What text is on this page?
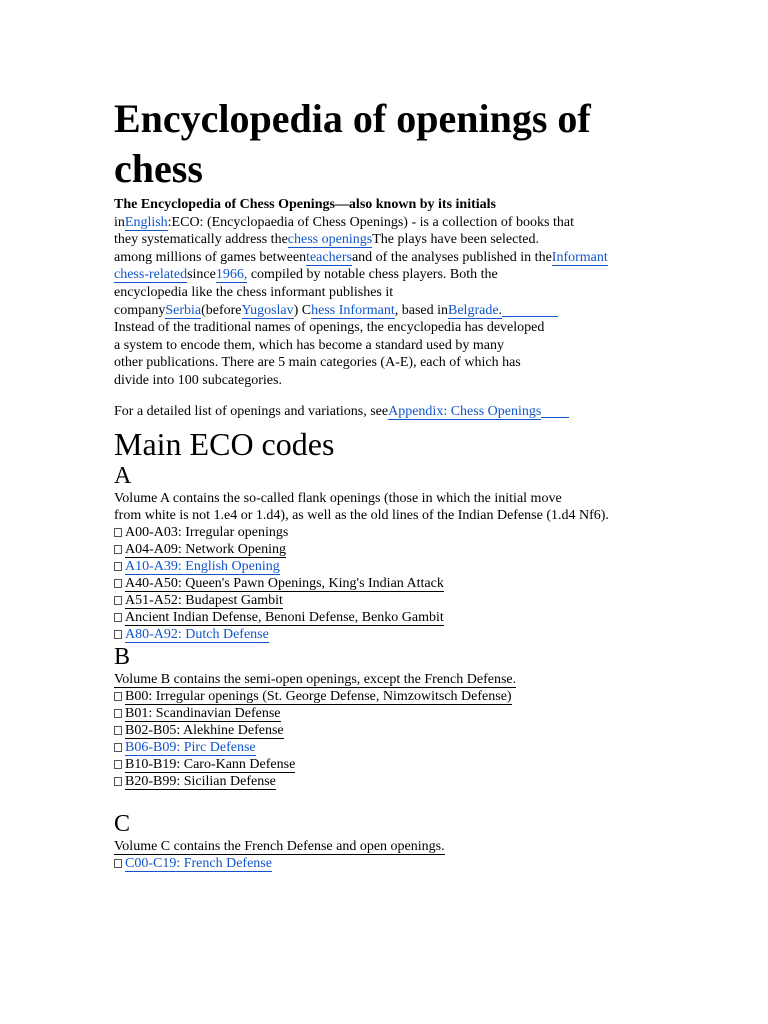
Encyclopedia of openings of chess
The Encyclopedia of Chess Openings—also known by its initials
inEnglish:ECO: (Encyclopaedia of Chess Openings) - is a collection of books that
they systematically address thechess openingsThe plays have been selected.
among millions of games betweenteachersand of the analyses published in theInformant
chess-relatedsince1966, compiled by notable chess players. Both the
encyclopedia like the chess informant publishes it
companySerbia(beforeYugoslav) Chess Informant, based inBelgrade.
Instead of the traditional names of openings, the encyclopedia has developed
a system to encode them, which has become a standard used by many
other publications. There are 5 main categories (A-E), each of which has
divide into 100 subcategories.
For a detailed list of openings and variations, seeAppendix: Chess Openings
Main ECO codes
A
Volume A contains the so-called flank openings (those in which the initial move
from white is not 1.e4 or 1.d4), as well as the old lines of the Indian Defense (1.d4 Nf6).
A00-A03: Irregular openings
A04-A09: Network Opening
A10-A39: English Opening
A40-A50: Queen's Pawn Openings, King's Indian Attack
A51-A52: Budapest Gambit
Ancient Indian Defense, Benoni Defense, Benko Gambit
A80-A92: Dutch Defense
B
Volume B contains the semi-open openings, except the French Defense.
B00: Irregular openings (St. George Defense, Nimzowitsch Defense)
B01: Scandinavian Defense
B02-B05: Alekhine Defense
B06-B09: Pirc Defense
B10-B19: Caro-Kann Defense
B20-B99: Sicilian Defense
C
Volume C contains the French Defense and open openings.
C00-C19: French Defense
